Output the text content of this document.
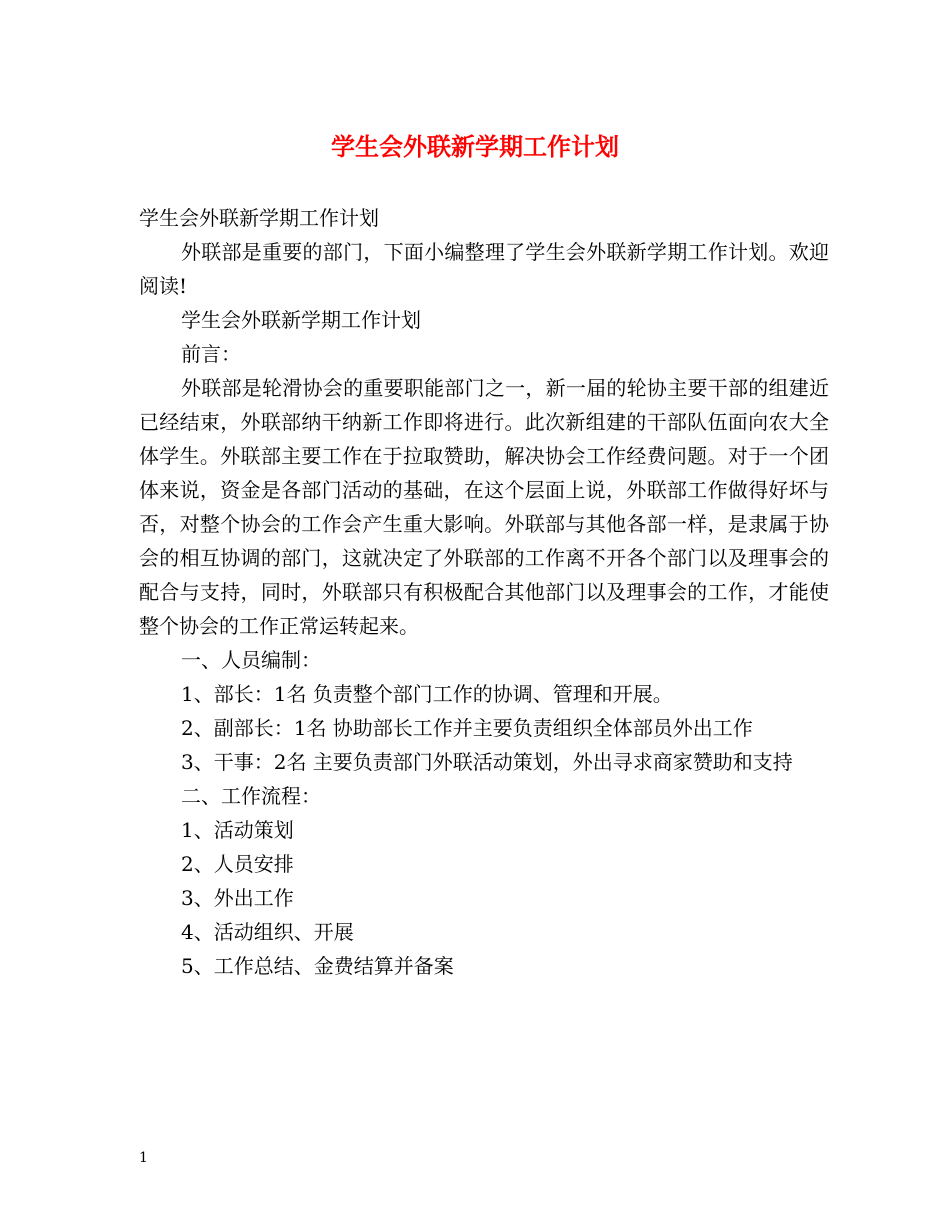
学生会外联新学期工作计划

学生会外联新学期工作计划

外联部是重要的部门，下面小编整理了学生会外联新学期工作计划。欢迎阅读!

学生会外联新学期工作计划

前言：

外联部是轮滑协会的重要职能部门之一，新一届的轮协主要干部的组建近已经结束，外联部纳干纳新工作即将进行。此次新组建的干部队伍面向农大全体学生。外联部主要工作在于拉取赞助，解决协会工作经费问题。对于一个团体来说，资金是各部门活动的基础，在这个层面上说，外联部工作做得好坏与否，对整个协会的工作会产生重大影响。外联部与其他各部一样，是隶属于协会的相互协调的部门，这就决定了外联部的工作离不开各个部门以及理事会的配合与支持，同时，外联部只有积极配合其他部门以及理事会的工作，才能使整个协会的工作正常运转起来。

一、人员编制：

1、部长：1名 负责整个部门工作的协调、管理和开展。

2、副部长：1名 协助部长工作并主要负责组织全体部员外出工作

3、干事：2名 主要负责部门外联活动策划，外出寻求商家赞助和支持

二、工作流程：

1、活动策划

2、人员安排

3、外出工作

4、活动组织、开展

5、工作总结、金费结算并备案

1
